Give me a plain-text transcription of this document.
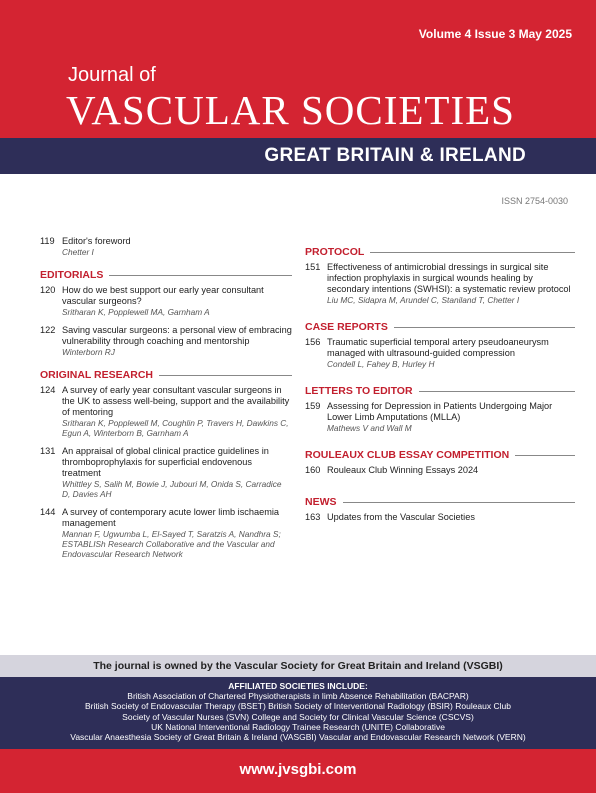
Volume 4 Issue 3 May 2025
Journal of
VASCULAR SOCIETIES
GREAT BRITAIN & IRELAND
ISSN 2754-0030
119 Editor's foreword
Chetter I
EDITORIALS
120 How do we best support our early year consultant vascular surgeons?
Sritharan K, Popplewell MA, Garnham A
122 Saving vascular surgeons: a personal view of embracing vulnerability through coaching and mentorship
Winterborn RJ
ORIGINAL RESEARCH
124 A survey of early year consultant vascular surgeons in the UK to assess well-being, support and the availability of mentoring
Sritharan K, Popplewell M, Coughlin P, Travers H, Dawkins C, Egun A, Winterborn B, Garnham A
131 An appraisal of global clinical practice guidelines in thromboprophylaxis for superficial endovenous treatment
Whittley S, Salih M, Bowie J, Jubouri M, Onida S, Carradice D, Davies AH
144 A survey of contemporary acute lower limb ischaemia management
Mannan F, Ugwumba L, El-Sayed T, Saratzis A, Nandhra S; ESTABLISh Research Collaborative and the Vascular and Endovascular Research Network
PROTOCOL
151 Effectiveness of antimicrobial dressings in surgical site infection prophylaxis in surgical wounds healing by secondary intentions (SWHSI): a systematic review protocol
Liu MC, Sidapra M, Arundel C, Staniland T, Chetter I
CASE REPORTS
156 Traumatic superficial temporal artery pseudoaneurysm managed with ultrasound-guided compression
Condell L, Fahey B, Hurley H
LETTERS TO EDITOR
159 Assessing for Depression in Patients Undergoing Major Lower Limb Amputations (MLLA)
Mathews V and Wall M
ROULEAUX CLUB ESSAY COMPETITION
160 Rouleaux Club Winning Essays 2024
NEWS
163 Updates from the Vascular Societies
The journal is owned by the Vascular Society for Great Britain and Ireland (VSGBI)
AFFILIATED SOCIETIES INCLUDE:
British Association of Chartered Physiotherapists in limb Absence Rehabilitation (BACPAR)
British Society of Endovascular Therapy (BSET) British Society of Interventional Radiology (BSIR) Rouleaux Club
Society of Vascular Nurses (SVN) College and Society for Clinical Vascular Science (CSCVS)
UK National Interventional Radiology Trainee Research (UNITE) Collaborative
Vascular Anaesthesia Society of Great Britain & Ireland (VASGBI) Vascular and Endovascular Research Network (VERN)
www.jvsgbi.com
